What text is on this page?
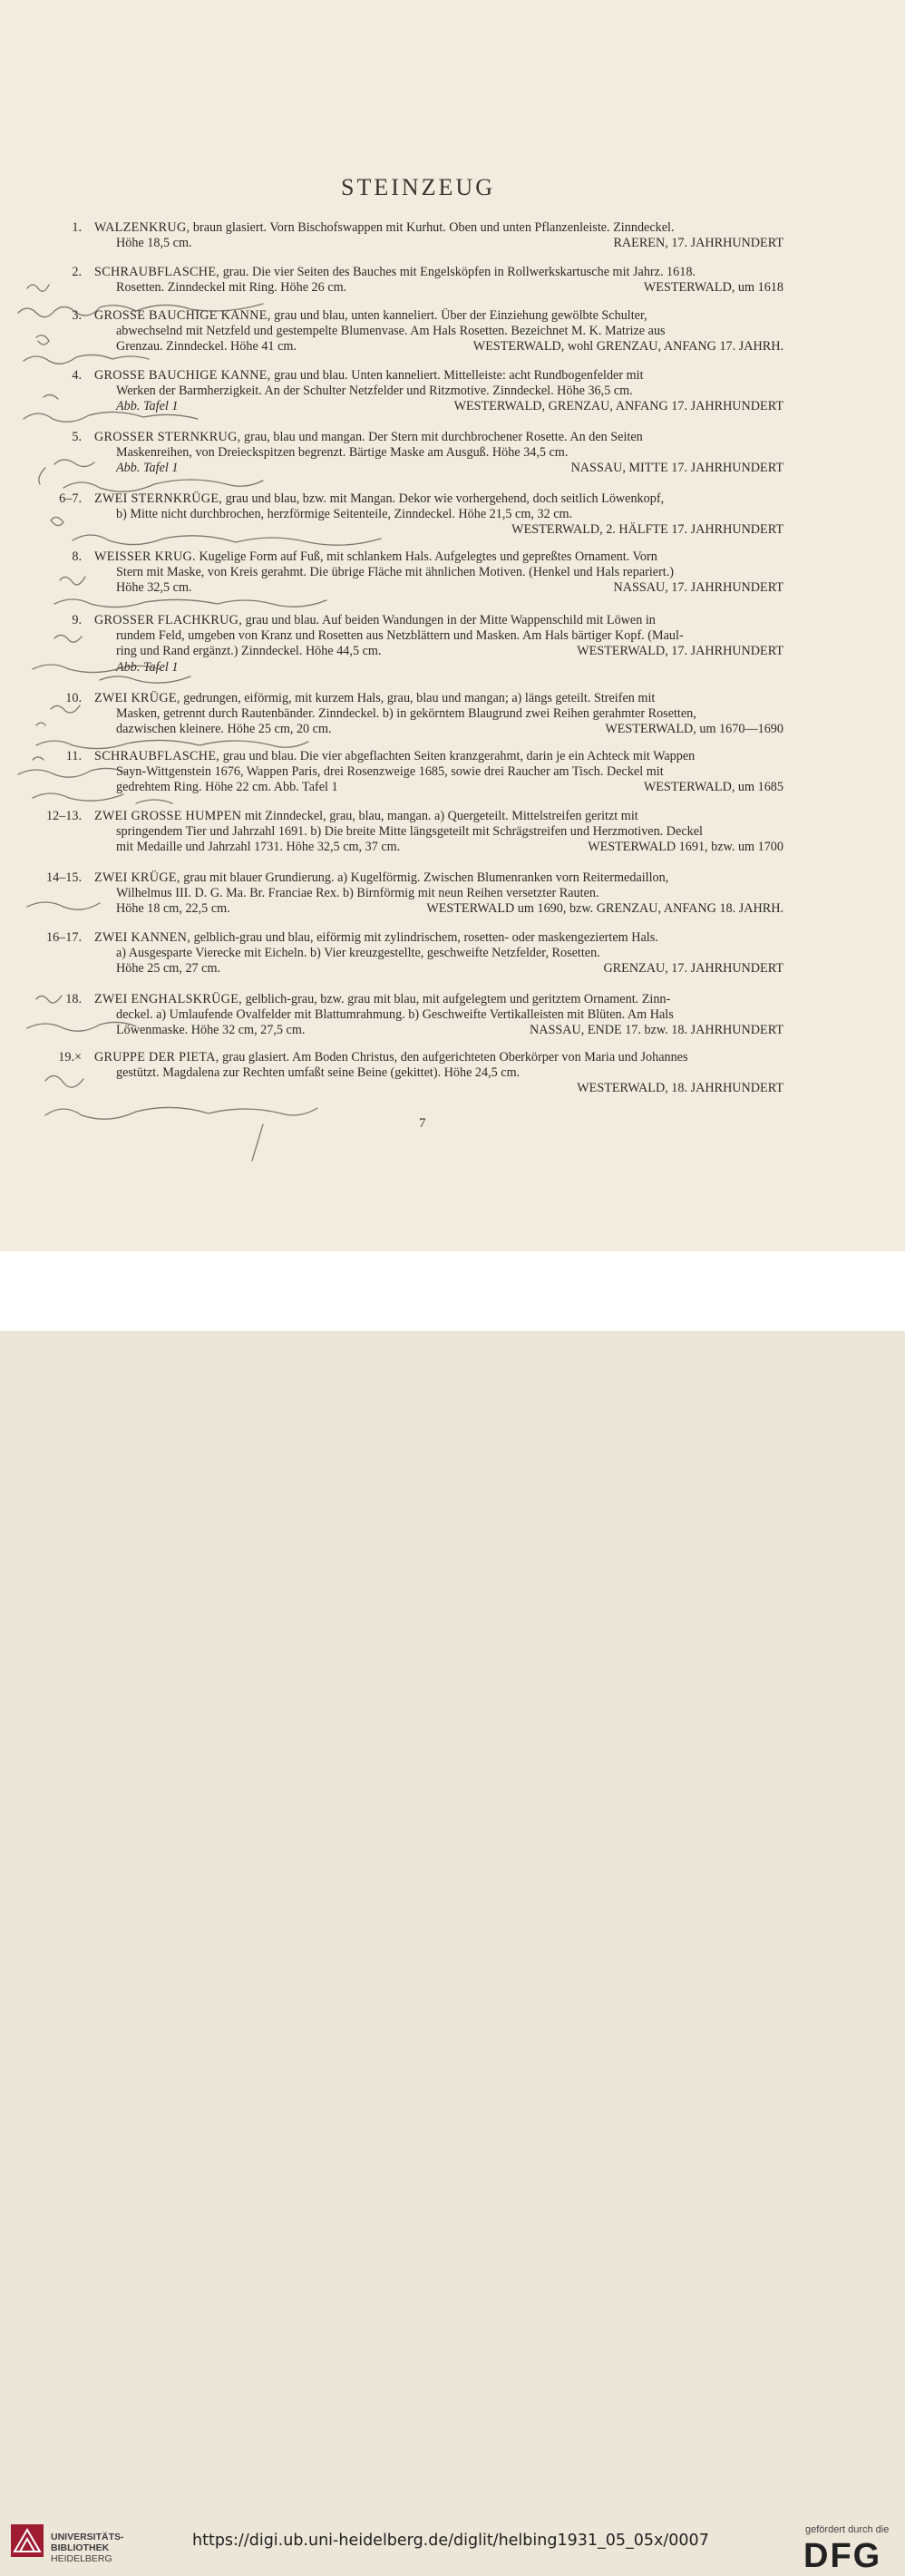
STEINZEUG
1. WALZENKRUG, braun glasiert. Vorn Bischofswappen mit Kurhut. Oben und unten Pflanzenleiste. Zinndeckel.

Höhe 18,5 cm.	RAEREN, 17. JAHRHUNDERT
2. SCHRAUBFLASCHE, grau. Die vier Seiten des Bauches mit Engelsköpfen in Rollwerkskartusche mit Jahrz. 1618.

Rosetten. Zinndeckel mit Ring. Höhe 26 cm.	WESTERWALD, um 1618
3. GROSSE BAUCHIGE KANNE, grau und blau, unten kanneliert. Über der Einziehung gewölbte Schulter,

abwechselnd mit Netzfeld und gestempelte Blumenvase. Am Hals Rosetten. Bezeichnet M. K. Matrize aus
Grenzau. Zinndeckel. Höhe 41 cm.	WESTERWALD, wohl GRENZAU, ANFANG 17. JAHRH.
4. GROSSE BAUCHIGE KANNE, grau und blau. Unten kanneliert. Mittelleiste: acht Rundbogenfelder mit

Werken der Barmherzigkeit. An der Schulter Netzfelder und Ritzmotive. Zinndeckel. Höhe 36,5 cm.
Abb. Tafel 1	WESTERWALD, GRENZAU, ANFANG 17. JAHRHUNDERT
5. GROSSER STERNKRUG, grau, blau und mangan. Der Stern mit durchbrochener Rosette. An den Seiten

Maskenreihen, von Dreieckspitzen begrenzt. Bärtige Maske am Ausguß. Höhe 34,5 cm.
Abb. Tafel 1	NASSAU, MITTE 17. JAHRHUNDERT
6–7. ZWEI STERNKRÜGE, grau und blau, bzw. mit Mangan. Dekor wie vorhergehend, doch seitlich Löwenkopf,

b) Mitte nicht durchbrochen, herzförmige Seitenteile, Zinndeckel. Höhe 21,5 cm, 32 cm.
WESTERWALD, 2. HÄLFTE 17. JAHRHUNDERT
8. WEISSER KRUG. Kugelige Form auf Fuß, mit schlankem Hals. Aufgelegtes und gepreßtes Ornament. Vorn

Stern mit Maske, von Kreis gerahmt. Die übrige Fläche mit ähnlichen Motiven. (Henkel und Hals repariert.)
Höhe 32,5 cm.	NASSAU, 17. JAHRHUNDERT
9. GROSSER FLACHKRUG, grau und blau. Auf beiden Wandungen in der Mitte Wappenschild mit Löwen in

rundem Feld, umgeben von Kranz und Rosetten aus Netzblättern und Masken. Am Hals bärtiger Kopf. (Maul-
ring und Rand ergänzt.) Zinndeckel. Höhe 44,5 cm.
Abb. Tafel 1
WESTERWALD, 17. JAHRHUNDERT
10. ZWEI KRÜGE, gedrungen, eiförmig, mit kurzem Hals, grau, blau und mangan; a) längs geteilt. Streifen mit

Masken, getrennt durch Rautenbänder. Zinndeckel. b) in gekörntem Blaugrund zwei Reihen gerahmter Rosetten,
dazwischen kleinere. Höhe 25 cm, 20 cm.	WESTERWALD, um 1670—1690
11. SCHRAUBFLASCHE, grau und blau. Die vier abgeflachten Seiten kranzgerahmt, darin je ein Achteck mit Wappen

Sayn-Wittgenstein 1676, Wappen Paris, drei Rosenzweige 1685, sowie drei Raucher am Tisch. Deckel mit
gedrehtem Ring. Höhe 22 cm. Abb. Tafel 1	WESTERWALD, um 1685
12–13. ZWEI GROSSE HUMPEN mit Zinndeckel, grau, blau, mangan. a) Quergeteilt. Mittelstreifen geritzt mit

springendem Tier und Jahrzahl 1691. b) Die breite Mitte längsgeteilt mit Schrägstreifen und Herzmotiven. Deckel
mit Medaille und Jahrzahl 1731. Höhe 32,5 cm, 37 cm.	WESTERWALD 1691, bzw. um 1700
14–15. ZWEI KRÜGE, grau mit blauer Grundierung. a) Kugelförmig. Zwischen Blumenranken vorn Reitermedaillon,

Wilhelmus III. D. G. Ma. Br. Franciae Rex. b) Birnförmig mit neun Reihen versetzter Rauten.
Höhe 18 cm, 22,5 cm.	WESTERWALD um 1690, bzw. GRENZAU, ANFANG 18. JAHRH.
16–17. ZWEI KANNEN, gelblich-grau und blau, eiförmig mit zylindrischem, rosetten- oder maskengeziertem Hals.

a) Ausgesparte Vierecke mit Eicheln. b) Vier kreuzgestellte, geschweifte Netzfelder, Rosetten.
Höhe 25 cm, 27 cm.	GRENZAU, 17. JAHRHUNDERT
18. ZWEI ENGHALSKRÜGE, gelblich-grau, bzw. grau mit blau, mit aufgelegtem und geritztem Ornament. Zinn-

deckel. a) Umlaufende Ovalfelder mit Blattumrahmung. b) Geschweifte Vertikalleisten mit Blüten. Am Hals
Löwenmaske. Höhe 32 cm, 27,5 cm.	NASSAU, ENDE 17. bzw. 18. JAHRHUNDERT
19.× GRUPPE DER PIETA, grau glasiert. Am Boden Christus, den aufgerichteten Oberkörper von Maria und Johannes

gestützt. Magdalena zur Rechten umfaßt seine Beine (gekittet). Höhe 24,5 cm.
WESTERWALD, 18. JAHRHUNDERT
7
UNIVERSITÄTS-
BIBLIOTHEK
HEIDELBERG
https://digi.ub.uni-heidelberg.de/diglit/helbing1931_05_05x/0007
gefördert durch die
DFG
